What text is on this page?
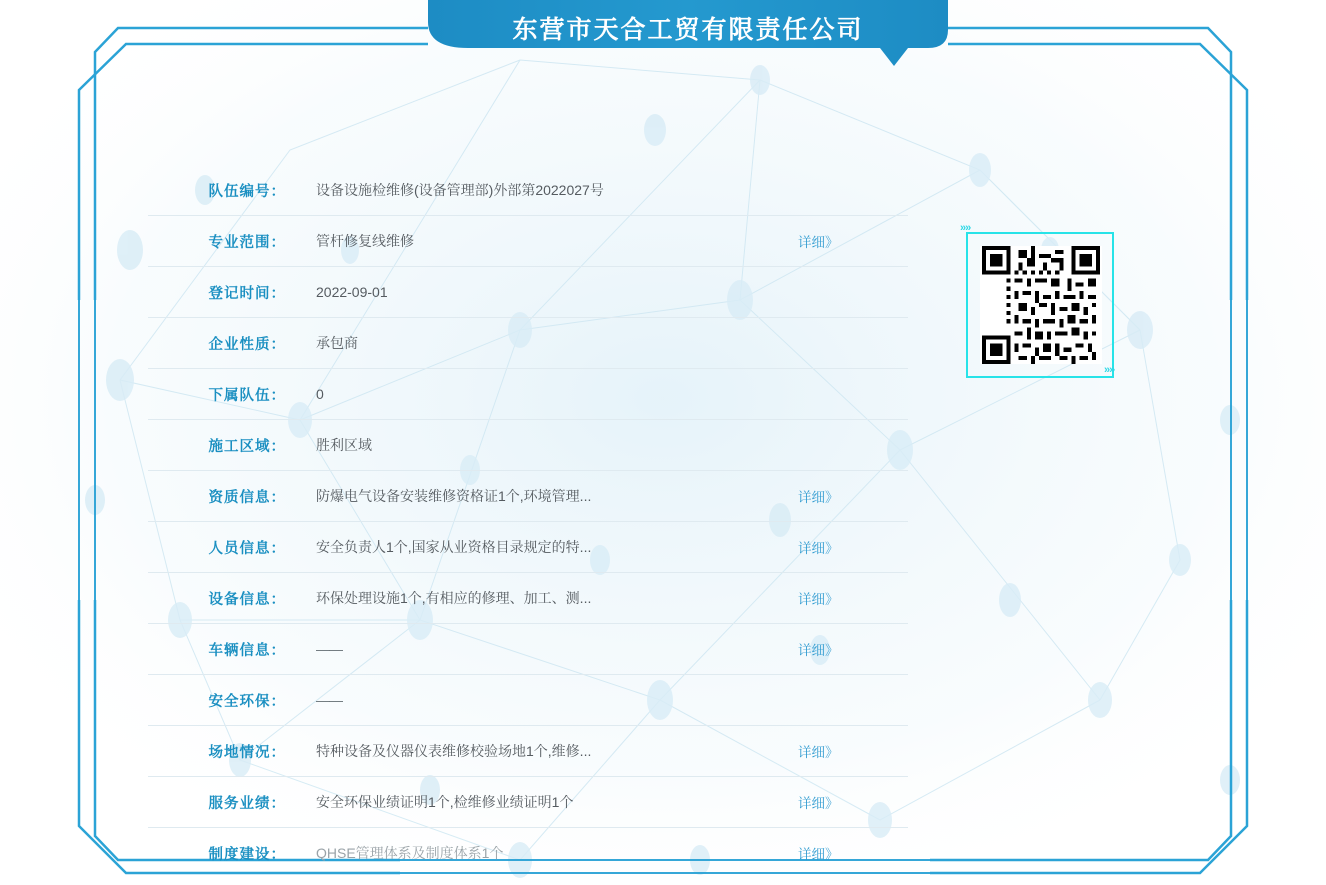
东营市天合工贸有限责任公司
»»
»»
队伍编号：	设备设施检维修(设备管理部)外部第2022027号
专业范围：	管杆修复线维修	详细》
登记时间：	2022-09-01
企业性质：	承包商
下属队伍：	0
施工区域：	胜利区域
资质信息：	防爆电气设备安装维修资格证1个,环境管理...	详细》
人员信息：	安全负责人1个,国家从业资格目录规定的特...	详细》
设备信息：	环保处理设施1个,有相应的修理、加工、测...	详细》
车辆信息：	——	详细》
安全环保：	——
场地情况：	特种设备及仪器仪表维修校验场地1个,维修...	详细》
服务业绩：	安全环保业绩证明1个,检维修业绩证明1个	详细》
制度建设：	QHSE管理体系及制度体系1个	详细》
